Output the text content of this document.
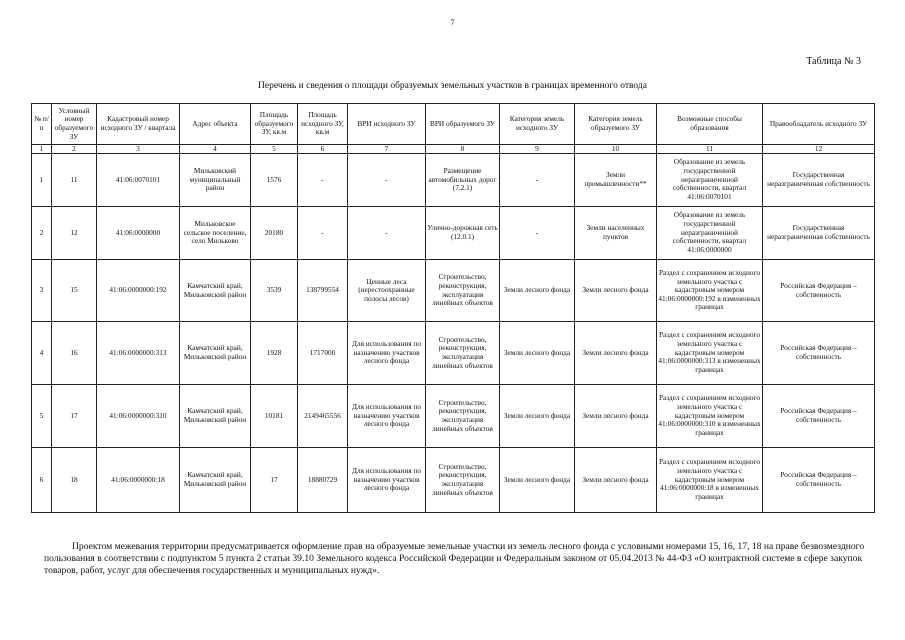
7
Таблица № 3
Перечень и сведения о площади образуемых земельных участков в границах временного отвода
№ п/п	Условный номер образуемого ЗУ	Кадастровый номер исходного ЗУ / квартала	Адрес объекта	Площадь образуемого ЗУ, кв.м	Площадь исходного ЗУ, кв.м	ВРИ исходного ЗУ	ВРИ образуемого ЗУ	Категория земель исходного ЗУ	Категория земель образуемого ЗУ	Возможные способы образования	Правообладатель исходного ЗУ
1	2	3	4	5	6	7	8	9	10	11	12
1	11	41:06:0070101	Мильковский муниципальный район	1576	-	-	Размещение автомобильных дорог (7.2.1)	-	Земли промышленности**	Образование из земель государственной неразграниченной собственности, квартал 41:06:0070101	Государственная неразграниченная собственность
2	12	41:06:0000000	Мильковское сельское поселение, село Мильково	20180	-	-	Улично-дорожная сеть (12.0.1)	-	Земли населенных пунктов	Образование из земель государственной неразграниченной собственности, квартал 41:06:0000000	Государственная неразграниченная собственность
3	15	41:06:0000000:192	Камчатский край, Мильковский район	3539	138799554	Ценные леса (нерестоохранные полосы лесов)	Строительство, реконструкция, эксплуатация линейных объектов	Земли лесного фонда	Земли лесного фонда	Раздел с сохранением исходного земельного участка с кадастровым номером 41:06:0000000:192 в измененных границах	Российская Федерация – собственность
4	16	41:06:0000000:313	Камчатский край, Мильковский район	1928	1717000	Для использования по назначению участков лесного фонда	Строительство, реконструкция, эксплуатация линейных объектов	Земли лесного фонда	Земли лесного фонда	Раздел с сохранением исходного земельного участка с кадастровым номером 41:06:0000000:313 в измененных границах	Российская Федерация – собственность
5	17	41:06:0000000:310	Камчатский край, Мильковский район	10181	2149465556	Для использования по назначению участков лесного фонда	Строительство, реконструкция, эксплуатация линейных объектов	Земли лесного фонда	Земли лесного фонда	Раздел с сохранением исходного земельного участка с кадастровым номером 41:06:0000000:310 в измененных границах	Российская Федерация – собственность
6	18	41:06:0000000:18	Камчатский край, Мильковский район	17	18880729	Для использования по назначению участков лесного фонда	Строительство, реконструкция, эксплуатация линейных объектов	Земли лесного фонда	Земли лесного фонда	Раздел с сохранением исходного земельного участка с кадастровым номером 41:06:0000000:18 в измененных границах	Российская Федерация – собственность

Проектом межевания территории предусматривается оформление прав на образуемые земельные участки из земель лесного фонда с условными номерами 15, 16, 17, 18 на праве безвозмездного пользования в соответствии с подпунктом 5 пункта 2 статьи 39.10 Земельного кодекса Российской Федерации и Федеральным законом от 05.04.2013 № 44-ФЗ «О контрактной системе в сфере закупок товаров, работ, услуг для обеспечения государственных и муниципальных нужд».
